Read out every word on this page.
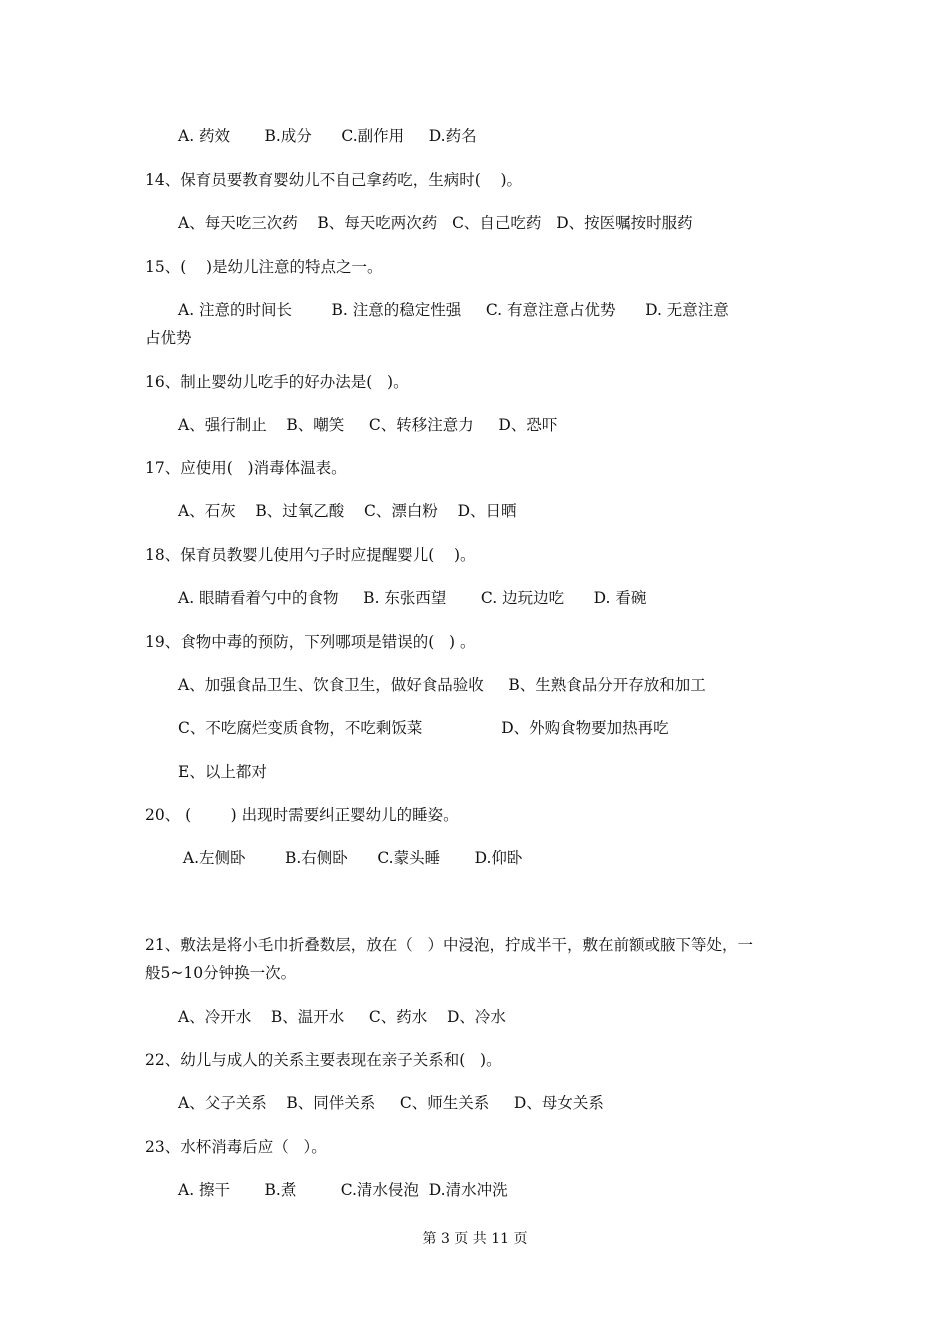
A. 药效       B.成分      C.副作用     D.药名
14、保育员要教育婴幼儿不自己拿药吃，生病时(    )。
A、每天吃三次药    B、每天吃两次药   C、自己吃药   D、按医嘱按时服药
15、(    )是幼儿注意的特点之一。
A. 注意的时间长        B. 注意的稳定性强     C. 有意注意占优势      D. 无意注意
占优势
16、制止婴幼儿吃手的好办法是(   )。
A、强行制止    B、嘲笑     C、转移注意力     D、恐吓
17、应使用(   )消毒体温表。
A、石灰    B、过氧乙酸    C、漂白粉    D、日晒
18、保育员教婴儿使用勺子时应提醒婴儿(    )。
A. 眼睛看着勺中的食物     B. 东张西望       C. 边玩边吃      D. 看碗
19、食物中毒的预防，下列哪项是错误的(   ) 。
A、加强食品卫生、饮食卫生，做好食品验收     B、生熟食品分开存放和加工
C、不吃腐烂变质食物，不吃剩饭菜                D、外购食物要加热再吃
E、以上都对
20、 (        ) 出现时需要纠正婴幼儿的睡姿。
A.左侧卧        B.右侧卧      C.蒙头睡       D.仰卧
21、敷法是将小毛巾折叠数层，放在（   ）中浸泡，拧成半干，敷在前额或腋下等处，一
般5~10分钟换一次。
A、冷开水    B、温开水     C、药水    D、冷水
22、幼儿与成人的关系主要表现在亲子关系和(   )。
A、父子关系    B、同伴关系     C、师生关系     D、母女关系
23、水杯消毒后应（   ）。
A. 擦干       B.煮         C.清水侵泡  D.清水冲洗
第 3 页 共 11 页
